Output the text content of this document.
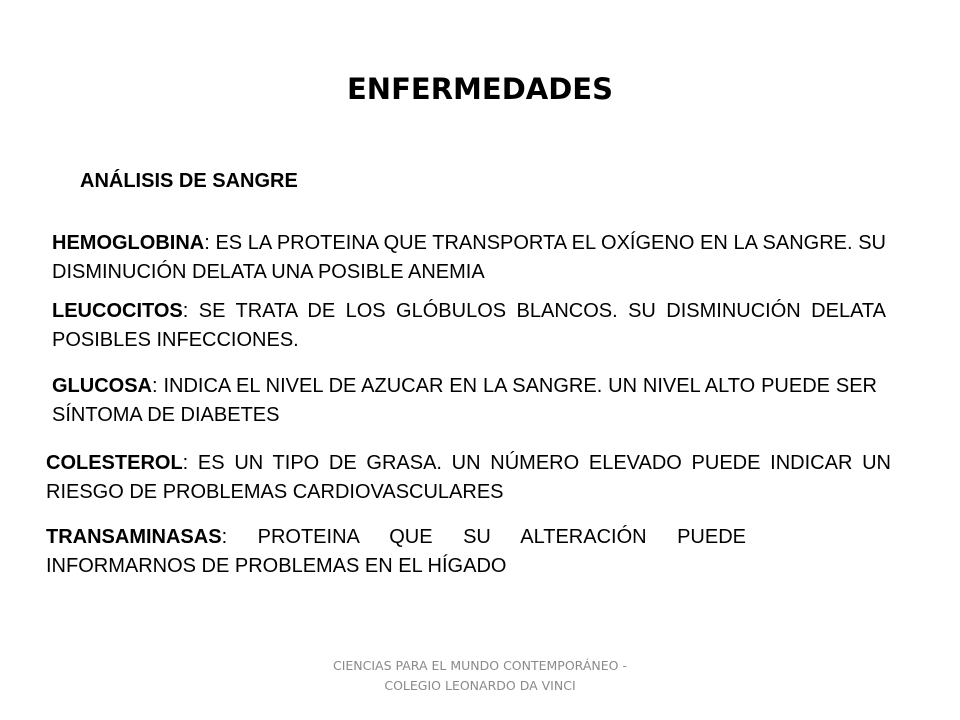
ENFERMEDADES
ANÁLISIS DE SANGRE
HEMOGLOBINA: ES LA PROTEINA QUE TRANSPORTA EL OXÍGENO EN LA SANGRE. SU DISMINUCIÓN DELATA UNA POSIBLE ANEMIA
LEUCOCITOS: SE TRATA DE LOS GLÓBULOS BLANCOS. SU DISMINUCIÓN DELATA POSIBLES INFECCIONES.
GLUCOSA: INDICA EL NIVEL DE AZUCAR EN LA SANGRE. UN NIVEL ALTO PUEDE SER SÍNTOMA DE DIABETES
COLESTEROL: ES UN TIPO DE GRASA. UN NÚMERO ELEVADO PUEDE INDICAR UN RIESGO DE PROBLEMAS CARDIOVASCULARES
TRANSAMINASAS: PROTEINA QUE SU ALTERACIÓN PUEDE INFORMARNOS DE PROBLEMAS EN EL HÍGADO
CIENCIAS PARA EL MUNDO CONTEMPORÁNEO - COLEGIO LEONARDO DA VINCI
